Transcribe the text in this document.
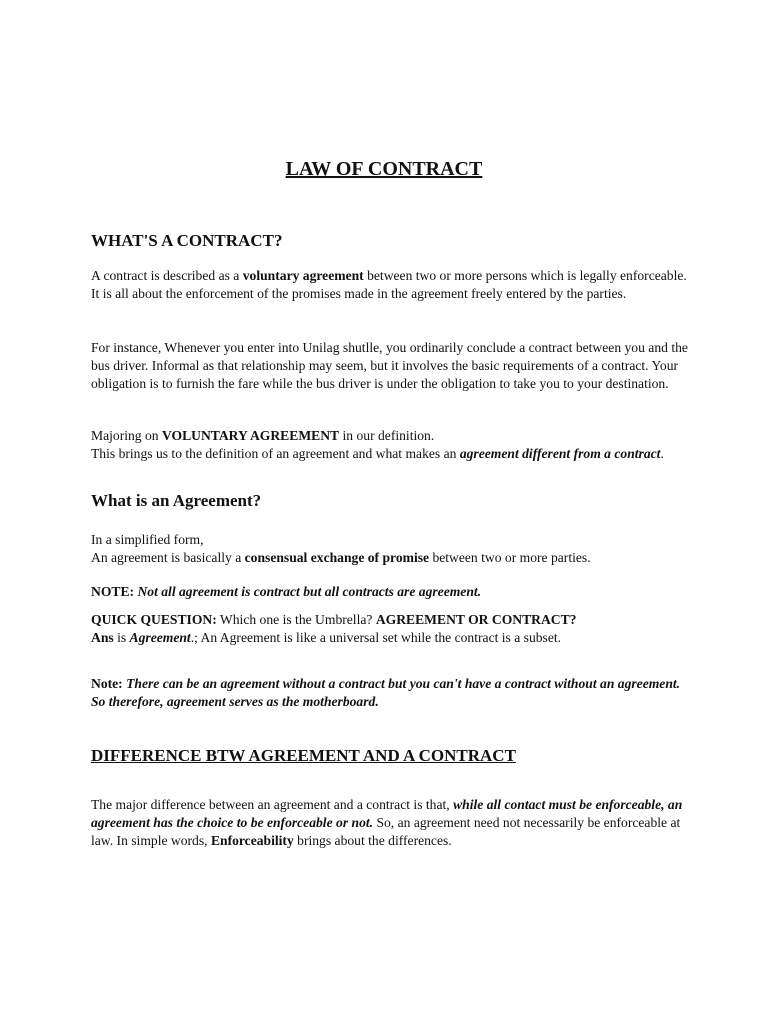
LAW OF CONTRACT
WHAT'S A CONTRACT?
A contract is described as a voluntary agreement between two or more persons which is legally enforceable. It is all about the enforcement of the promises made in the agreement freely entered by the parties.
For instance, Whenever you enter into Unilag shutlle, you ordinarily conclude a contract between you and the bus driver. Informal as that relationship may seem, but it involves the basic requirements of a contract. Your obligation is to furnish the fare while the bus driver is under the obligation to take you to your destination.
Majoring on VOLUNTARY AGREEMENT in our definition.
This brings us to the definition of an agreement and what makes an agreement different from a contract.
What is an Agreement?
In a simplified form,
An agreement is basically a consensual exchange of promise between two or more parties.
NOTE: Not all agreement is contract but all contracts are agreement.
QUICK QUESTION: Which one is the Umbrella? AGREEMENT OR CONTRACT?
Ans is Agreement.; An Agreement is like a universal set while the contract is a subset.
Note: There can be an agreement without a contract but you can't have a contract without an agreement. So therefore, agreement serves as the motherboard.
DIFFERENCE BTW AGREEMENT AND A CONTRACT
The major difference between an agreement and a contract is that, while all contact must be enforceable, an agreement has the choice to be enforceable or not. So, an agreement need not necessarily be enforceable at law. In simple words, Enforceability brings about the differences.
